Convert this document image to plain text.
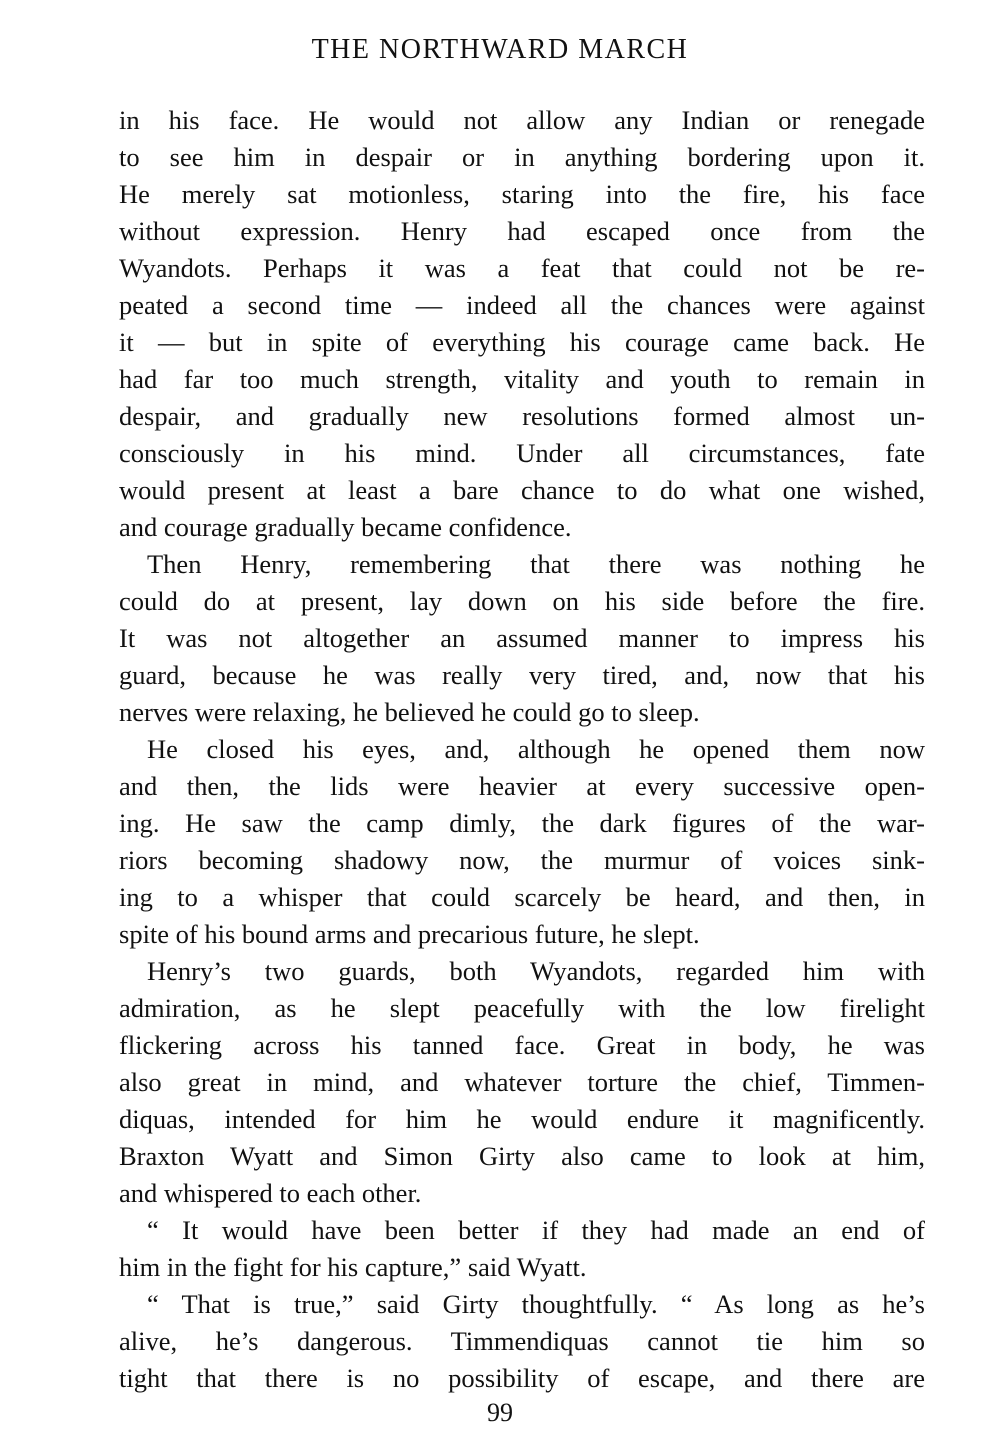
THE NORTHWARD MARCH
in his face. He would not allow any Indian or renegade
to see him in despair or in anything bordering upon it.
He merely sat motionless, staring into the fire, his face
without expression. Henry had escaped once from the
Wyandots. Perhaps it was a feat that could not be re-
peated a second time — indeed all the chances were against
it — but in spite of everything his courage came back. He
had far too much strength, vitality and youth to remain in
despair, and gradually new resolutions formed almost un-
consciously in his mind. Under all circumstances, fate
would present at least a bare chance to do what one wished,
and courage gradually became confidence.
Then Henry, remembering that there was nothing he
could do at present, lay down on his side before the fire.
It was not altogether an assumed manner to impress his
guard, because he was really very tired, and, now that his
nerves were relaxing, he believed he could go to sleep.
He closed his eyes, and, although he opened them now
and then, the lids were heavier at every successive open-
ing. He saw the camp dimly, the dark figures of the war-
riors becoming shadowy now, the murmur of voices sink-
ing to a whisper that could scarcely be heard, and then, in
spite of his bound arms and precarious future, he slept.
Henry’s two guards, both Wyandots, regarded him with
admiration, as he slept peacefully with the low firelight
flickering across his tanned face. Great in body, he was
also great in mind, and whatever torture the chief, Timmen-
diquas, intended for him he would endure it magnificently.
Braxton Wyatt and Simon Girty also came to look at him,
and whispered to each other.
“ It would have been better if they had made an end of
him in the fight for his capture,” said Wyatt.
“ That is true,” said Girty thoughtfully. “ As long as he’s
alive, he’s dangerous. Timmendiquas cannot tie him so
tight that there is no possibility of escape, and there are
99
